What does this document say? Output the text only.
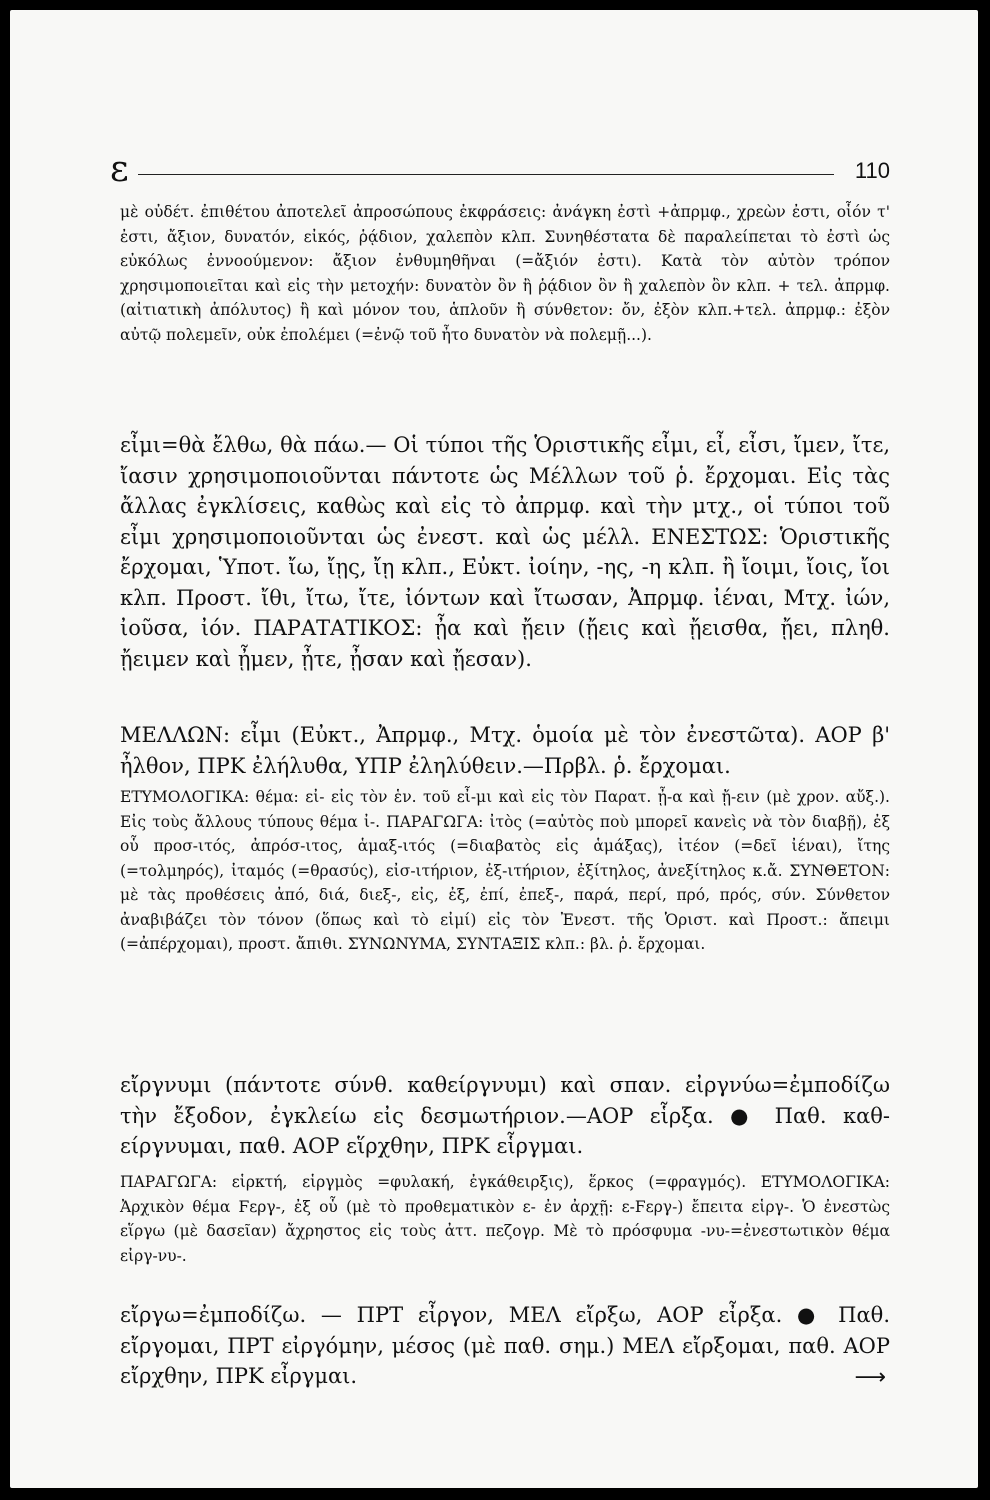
ε	110

μὲ οὐδέτ. ἐπιθέτου ἀποτελεῖ ἀπροσώπους ἐκφράσεις: ἀνάγκη ἐστὶ +ἀπρμφ., χρεὼν ἐστι, οἷόν τ' ἐστι, ἄξιον, δυνατόν, εἰκός, ῥᾴδιον, χαλεπὸν κλπ. Συνηθέστατα δὲ παραλείπεται τὸ ἐστὶ ὡς εὐκόλως ἐννοούμενον: ἄξιον ἐνθυμηθῆναι (=ἄξιόν ἐστι). Κατὰ τὸν αὐτὸν τρόπον χρησιμοποιεῖται καὶ εἰς τὴν μετοχήν: δυνατὸν ὂν ἢ ῥᾴδιον ὂν ἢ χαλεπὸν ὂν κλπ. + τελ. ἀπρμφ. (αἰτιατικὴ ἀπόλυτος) ἢ καὶ μόνον του, ἁπλοῦν ἢ σύνθετον: ὄν, ἐξὸν κλπ.+τελ. ἀπρμφ.: ἐξὸν αὐτῷ πολεμεῖν, οὐκ ἐπολέμει (=ἐνῷ τοῦ ἦτο δυνατὸν νὰ πολεμῇ...).

εἶμι=θὰ ἔλθω, θὰ πάω.— Οἱ τύποι τῆς Ὁριστικῆς εἶμι, εἶ, εἶσι, ἴμεν, ἴτε, ἴασιν χρησιμοποιοῦνται πάντοτε ὡς Μέλλων τοῦ ῥ. ἔρχομαι. Εἰς τὰς ἄλλας ἐγκλίσεις, καθὼς καὶ εἰς τὸ ἀπρμφ. καὶ τὴν μτχ., οἱ τύποι τοῦ εἶμι χρησιμοποιοῦνται ὡς ἐνεστ. καὶ ὡς μέλλ. ΕΝΕΣΤΩΣ: Ὁριστικῆς ἔρχομαι, Ὑποτ. ἴω, ἴῃς, ἴῃ κλπ., Εὐκτ. ἰοίην, -ης, -η κλπ. ἢ ἴοιμι, ἴοις, ἴοι κλπ. Προστ. ἴθι, ἴτω, ἴτε, ἰόντων καὶ ἴτωσαν, Ἀπρμφ. ἰέναι, Μτχ. ἰών, ἰοῦσα, ἰόν. ΠΑΡΑΤΑΤΙΚΟΣ: ᾖα καὶ ᾔειν (ᾔεις καὶ ᾔεισθα, ᾔει, πληθ. ᾔειμεν καὶ ᾖμεν, ᾖτε, ᾖσαν καὶ ᾔεσαν).

ΜΕΛΛΩΝ: εἶμι (Εὐκτ., Ἀπρμφ., Μτχ. ὁμοία μὲ τὸν ἐνεστῶτα). ΑΟΡ β' ἦλθον, ΠΡΚ ἐλήλυθα, ΥΠΡ ἐληλύθειν.—Πρβλ. ῥ. ἔρχομαι.

ΕΤΥΜΟΛΟΓΙΚΑ: θέμα: εἰ- εἰς τὸν ἑν. τοῦ εἶ-μι καὶ εἰς τὸν Παρατ. ᾖ-α καὶ ᾔ-ειν (μὲ χρον. αὔξ.). Εἰς τοὺς ἄλλους τύπους θέμα ἰ-. ΠΑΡΑΓΩΓΑ: ἰτὸς (=αὐτὸς ποὺ μπορεῖ κανεὶς νὰ τὸν διαβῇ), ἐξ οὗ προσ-ιτός, ἀπρόσ-ιτος, ἁμαξ-ιτός (=διαβατὸς εἰς ἁμάξας), ἰτέον (=δεῖ ἰέναι), ἴτης (=τολμηρός), ἰταμός (=θρασύς), εἰσ-ιτήριον, ἐξ-ιτήριον, ἐξίτηλος, ἀνεξίτηλος κ.ἄ. ΣΥΝΘΕΤΟΝ: μὲ τὰς προθέσεις ἀπό, διά, διεξ-, εἰς, ἐξ, ἐπί, ἐπεξ-, παρά, περί, πρό, πρός, σύν. Σύνθετον ἀναβιβάζει τὸν τόνον (ὅπως καὶ τὸ εἰμί) εἰς τὸν Ἐνεστ. τῆς Ὁριστ. καὶ Προστ.: ἄπειμι (=ἀπέρχομαι), προστ. ἄπιθι. ΣΥΝΩΝΥΜΑ, ΣΥΝΤΑΞΙΣ κλπ.: βλ. ῥ. ἔρχομαι.

εἴργνυμι (πάντοτε σύνθ. καθείργνυμι) καὶ σπαν. εἰργνύω=ἐμποδίζω τὴν ἔξοδον, ἐγκλείω εἰς δεσμωτήριον.—ΑΟΡ εἷρξα. ● Παθ. καθ-είργνυμαι, παθ. ΑΟΡ εἵρχθην, ΠΡΚ εἷργμαι.

ΠΑΡΑΓΩΓΑ: εἱρκτή, εἱργμὸς =φυλακή, ἐγκάθειρξις), ἕρκος (=φραγμός). ΕΤΥΜΟΛΟΓΙΚΑ: Ἀρχικὸν θέμα Ϝεργ-, ἐξ οὗ (μὲ τὸ προθεματικὸν ε- ἐν ἀρχῇ: ε-Ϝεργ-) ἔπειτα εἱργ-. Ὁ ἐνεστὼς εἵργω (μὲ δασεῖαν) ἄχρηστος εἰς τοὺς ἀττ. πεζογρ. Μὲ τὸ πρόσφυμα -νυ-=ἐνεστωτικὸν θέμα εἰργ-νυ-.

εἴργω=ἐμποδίζω. — ΠΡΤ εἶργον, ΜΕΛ εἴρξω, ΑΟΡ εἶρξα. ● Παθ. εἴργομαι, ΠΡΤ εἰργόμην, μέσος (μὲ παθ. σημ.) ΜΕΛ εἴρξομαι, παθ. ΑΟΡ εἴρχθην, ΠΡΚ εἶργμαι.	⟶
